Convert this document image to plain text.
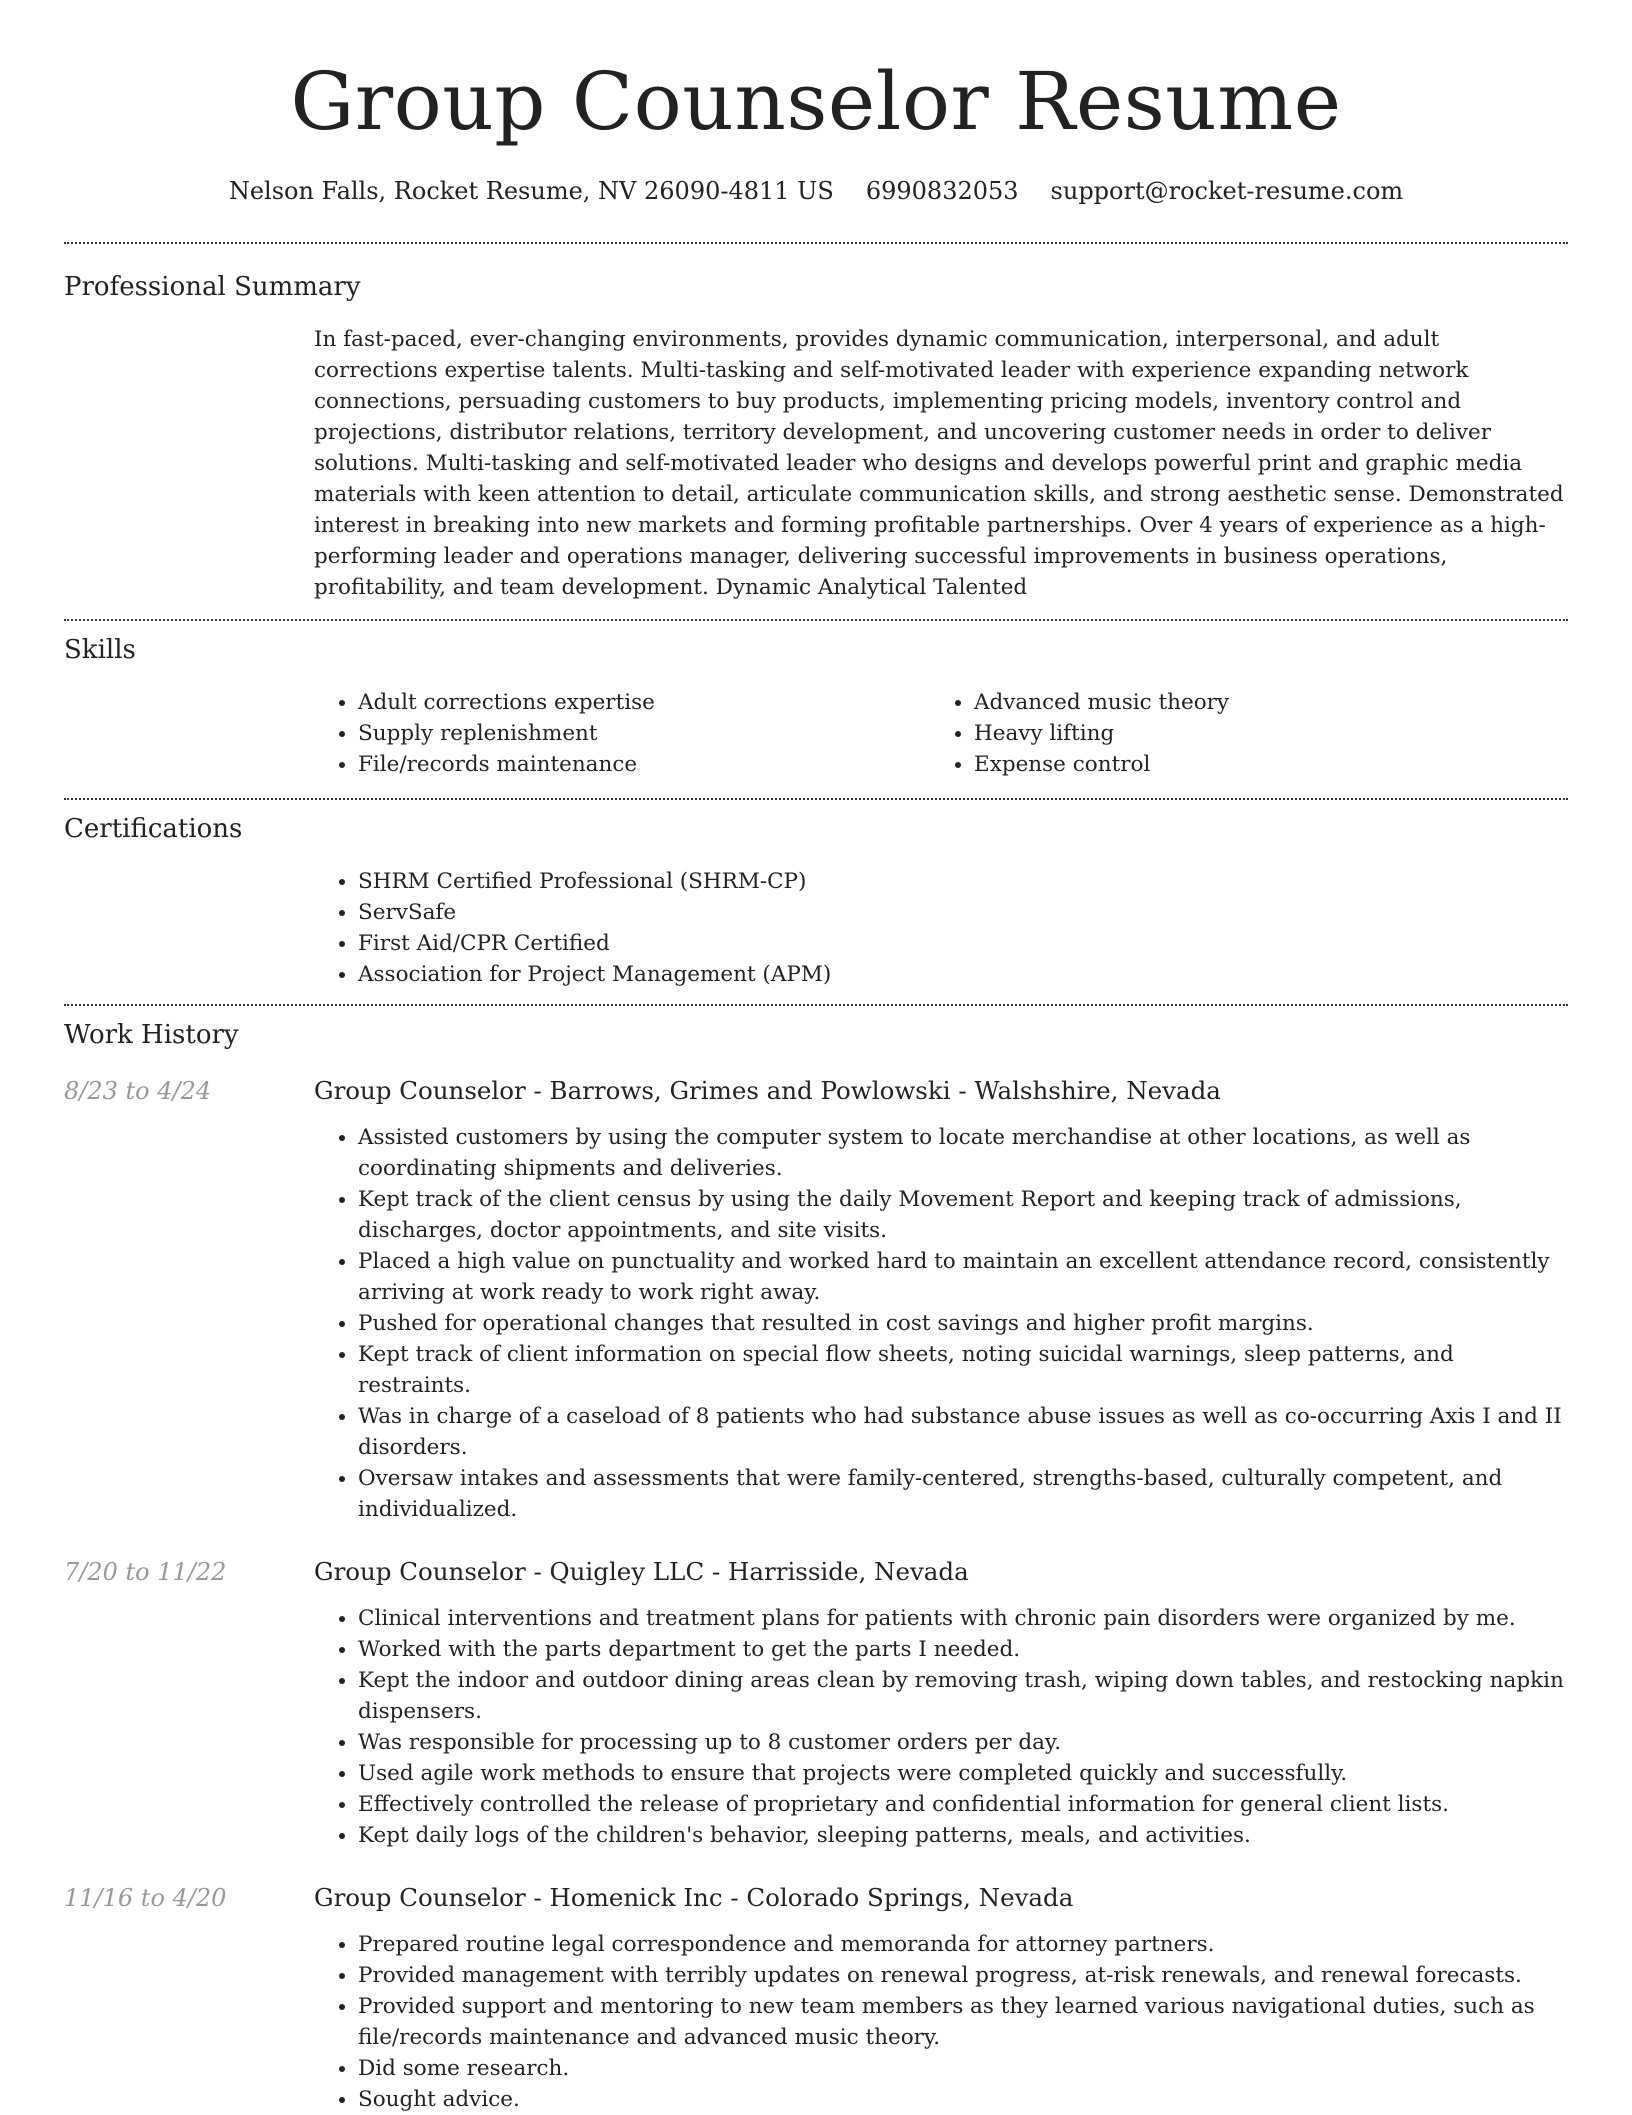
Group Counselor Resume
Nelson Falls, Rocket Resume, NV 26090-4811 US 6990832053 support@rocket-resume.com
Professional Summary

In fast-paced, ever-changing environments, provides dynamic communication, interpersonal, and adult corrections expertise talents. Multi-tasking and self-motivated leader with experience expanding network connections, persuading customers to buy products, implementing pricing models, inventory control and projections, distributor relations, territory development, and uncovering customer needs in order to deliver solutions. Multi-tasking and self-motivated leader who designs and develops powerful print and graphic media materials with keen attention to detail, articulate communication skills, and strong aesthetic sense. Demonstrated interest in breaking into new markets and forming profitable partnerships. Over 4 years of experience as a high-performing leader and operations manager, delivering successful improvements in business operations, profitability, and team development. Dynamic Analytical Talented

Skills
• Adult corrections expertise
• Supply replenishment
• File/records maintenance
• Advanced music theory
• Heavy lifting
• Expense control
Certifications
• SHRM Certified Professional (SHRM-CP)
• ServSafe
• First Aid/CPR Certified
• Association for Project Management (APM)
Work History
8/23 to 4/24	Group Counselor - Barrows, Grimes and Powlowski - Walshshire, Nevada
• Assisted customers by using the computer system to locate merchandise at other locations, as well as coordinating shipments and deliveries.
• Kept track of the client census by using the daily Movement Report and keeping track of admissions, discharges, doctor appointments, and site visits.
• Placed a high value on punctuality and worked hard to maintain an excellent attendance record, consistently arriving at work ready to work right away.
• Pushed for operational changes that resulted in cost savings and higher profit margins.
• Kept track of client information on special flow sheets, noting suicidal warnings, sleep patterns, and restraints.
• Was in charge of a caseload of 8 patients who had substance abuse issues as well as co-occurring Axis I and II disorders.
• Oversaw intakes and assessments that were family-centered, strengths-based, culturally competent, and individualized.
7/20 to 11/22	Group Counselor - Quigley LLC - Harrisside, Nevada
• Clinical interventions and treatment plans for patients with chronic pain disorders were organized by me.
• Worked with the parts department to get the parts I needed.
• Kept the indoor and outdoor dining areas clean by removing trash, wiping down tables, and restocking napkin dispensers.
• Was responsible for processing up to 8 customer orders per day.
• Used agile work methods to ensure that projects were completed quickly and successfully.
• Effectively controlled the release of proprietary and confidential information for general client lists.
• Kept daily logs of the children's behavior, sleeping patterns, meals, and activities.
11/16 to 4/20	Group Counselor - Homenick Inc - Colorado Springs, Nevada
• Prepared routine legal correspondence and memoranda for attorney partners.
• Provided management with terribly updates on renewal progress, at-risk renewals, and renewal forecasts.
• Provided support and mentoring to new team members as they learned various navigational duties, such as file/records maintenance and advanced music theory.
• Did some research.
• Sought advice.
